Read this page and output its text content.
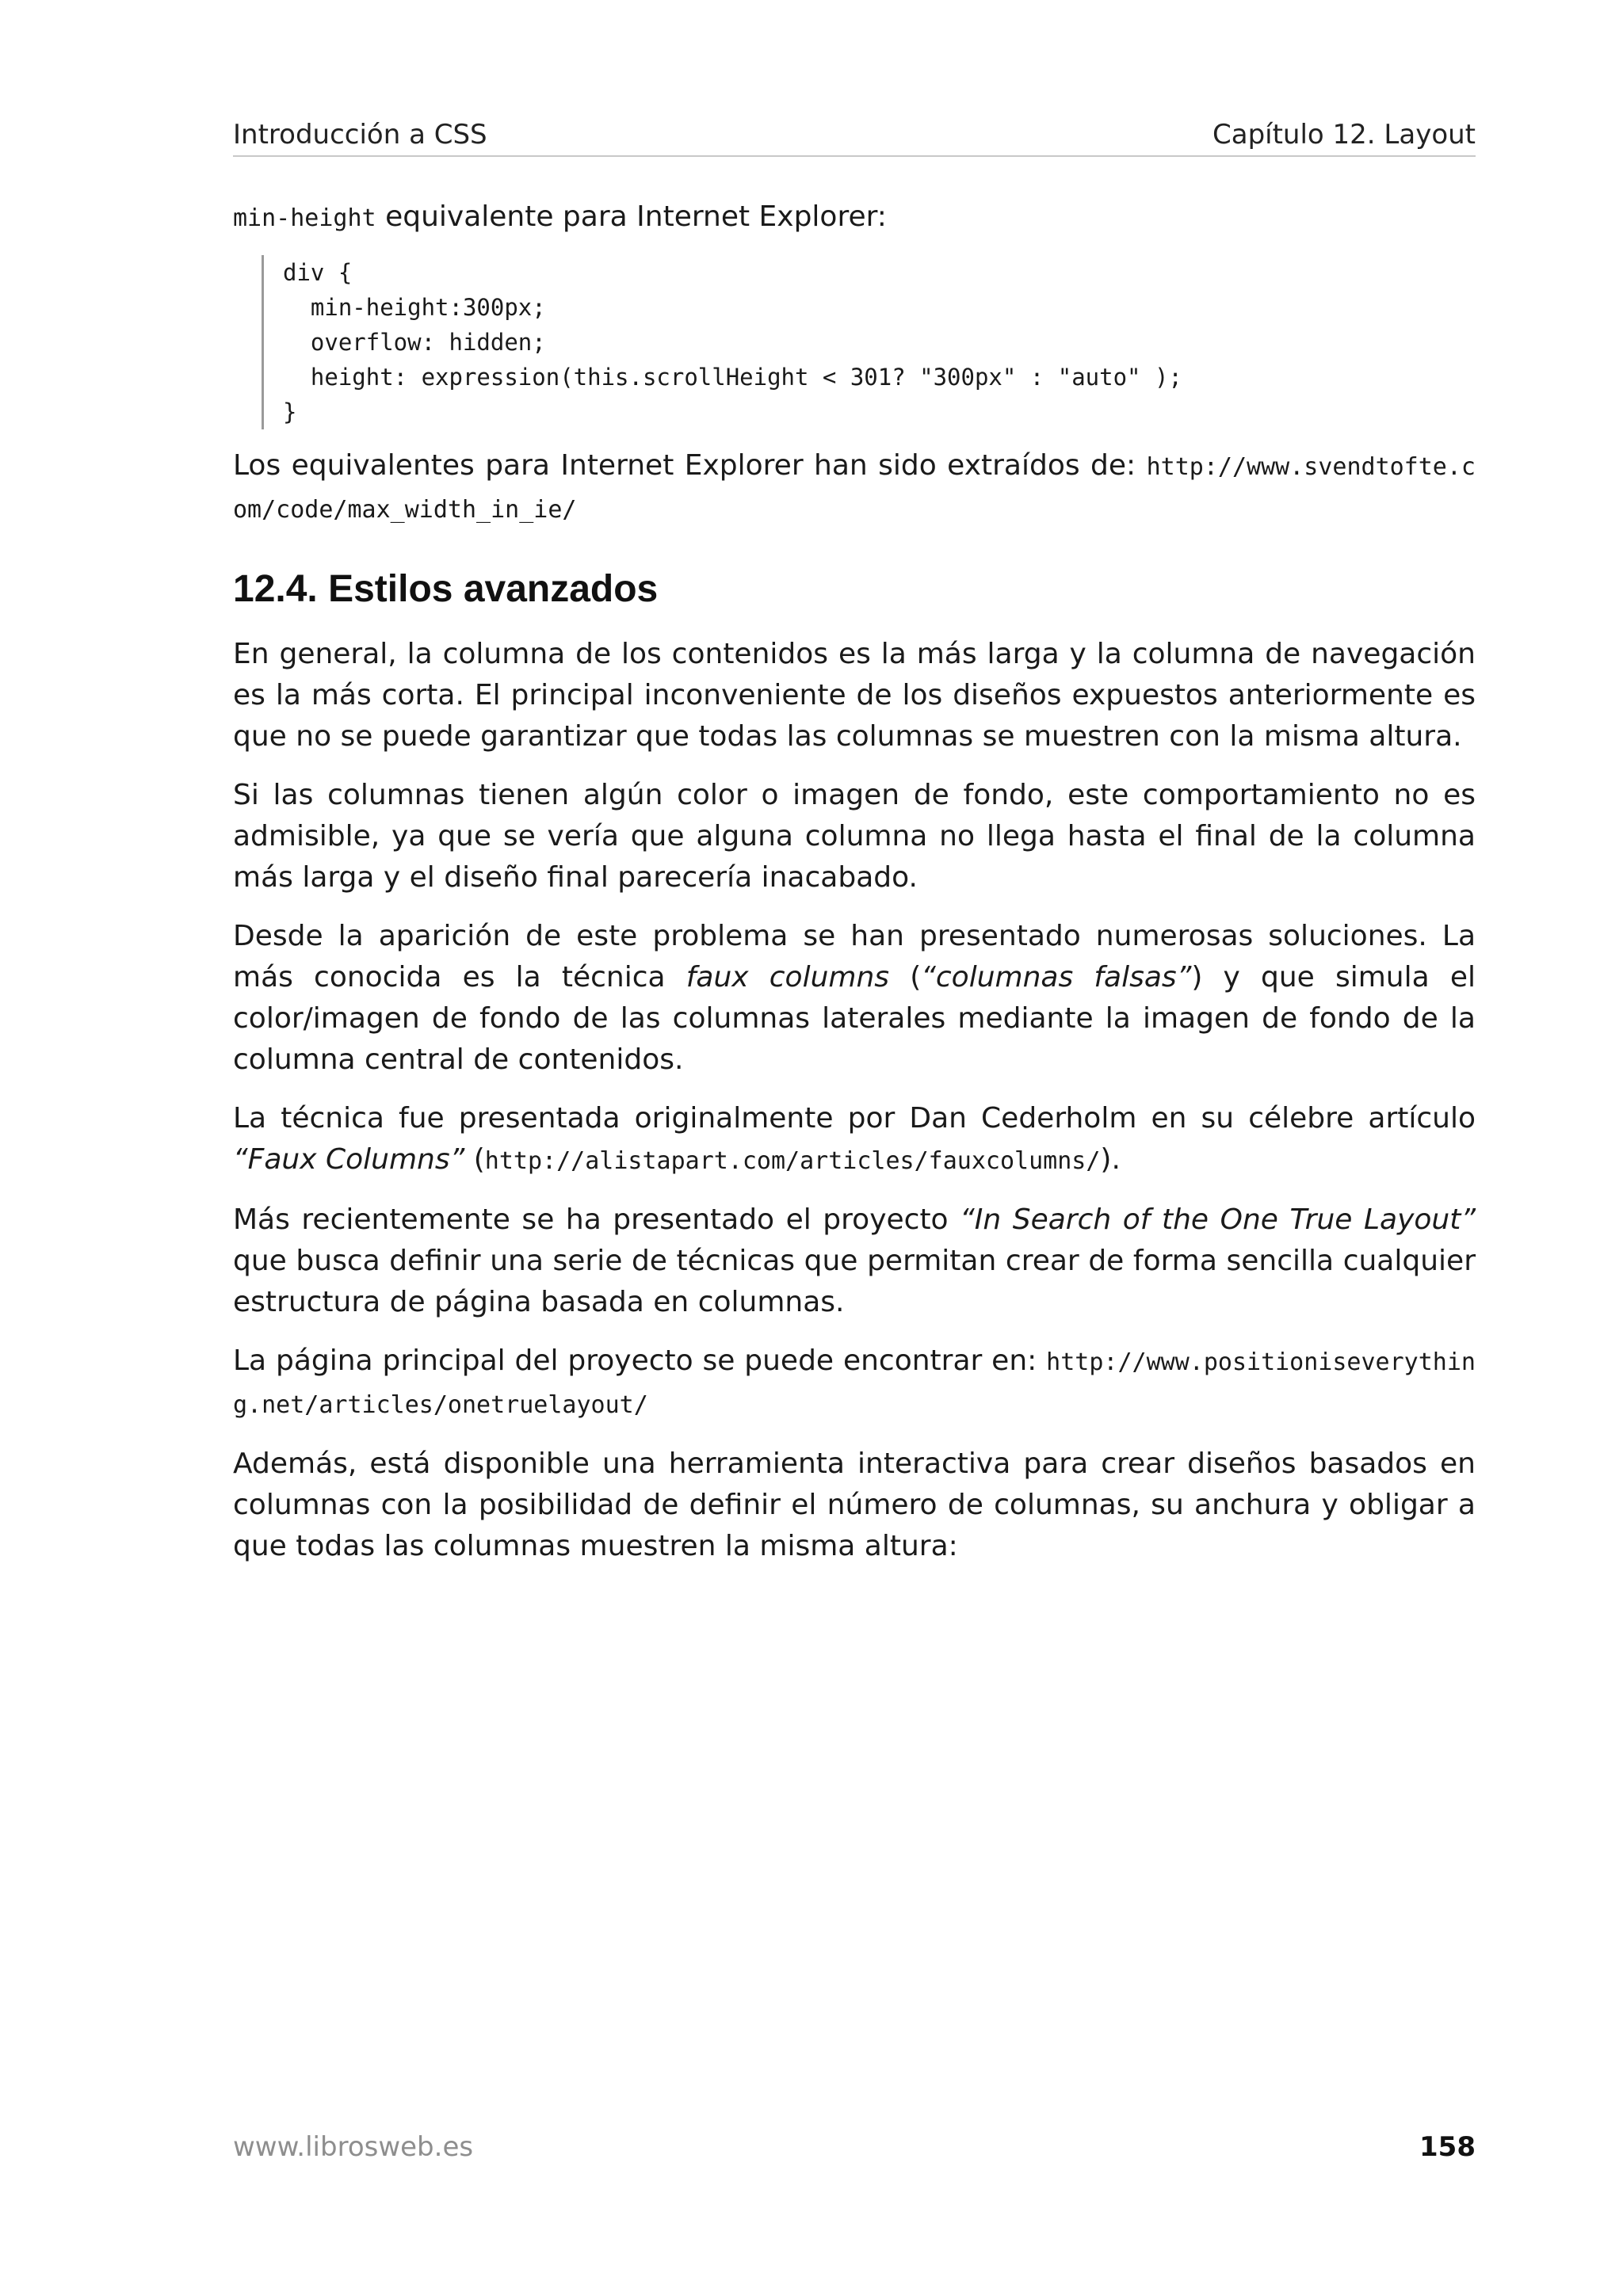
Introducción a CSS	Capítulo 12. Layout
min-height equivalente para Internet Explorer:
div {
min-height:300px;
overflow: hidden;
height: expression(this.scrollHeight < 301? "300px" : "auto" );
}

Los equivalentes para Internet Explorer han sido extraídos de: http://www.svendtofte.com/code/max_width_in_ie/

12.4. Estilos avanzados

En general, la columna de los contenidos es la más larga y la columna de navegación es la más corta. El principal inconveniente de los diseños expuestos anteriormente es que no se puede garantizar que todas las columnas se muestren con la misma altura.

Si las columnas tienen algún color o imagen de fondo, este comportamiento no es admisible, ya que se vería que alguna columna no llega hasta el final de la columna más larga y el diseño final parecería inacabado.

Desde la aparición de este problema se han presentado numerosas soluciones. La más conocida es la técnica faux columns (“columnas falsas”) y que simula el color/imagen de fondo de las columnas laterales mediante la imagen de fondo de la columna central de contenidos.

La técnica fue presentada originalmente por Dan Cederholm en su célebre artículo “Faux Columns” (http://alistapart.com/articles/fauxcolumns/).

Más recientemente se ha presentado el proyecto “In Search of the One True Layout” que busca definir una serie de técnicas que permitan crear de forma sencilla cualquier estructura de página basada en columnas.

La página principal del proyecto se puede encontrar en: http://www.positioniseverything.net/articles/onetruelayout/

Además, está disponible una herramienta interactiva para crear diseños basados en columnas con la posibilidad de definir el número de columnas, su anchura y obligar a que todas las columnas muestren la misma altura:

www.librosweb.es	158
